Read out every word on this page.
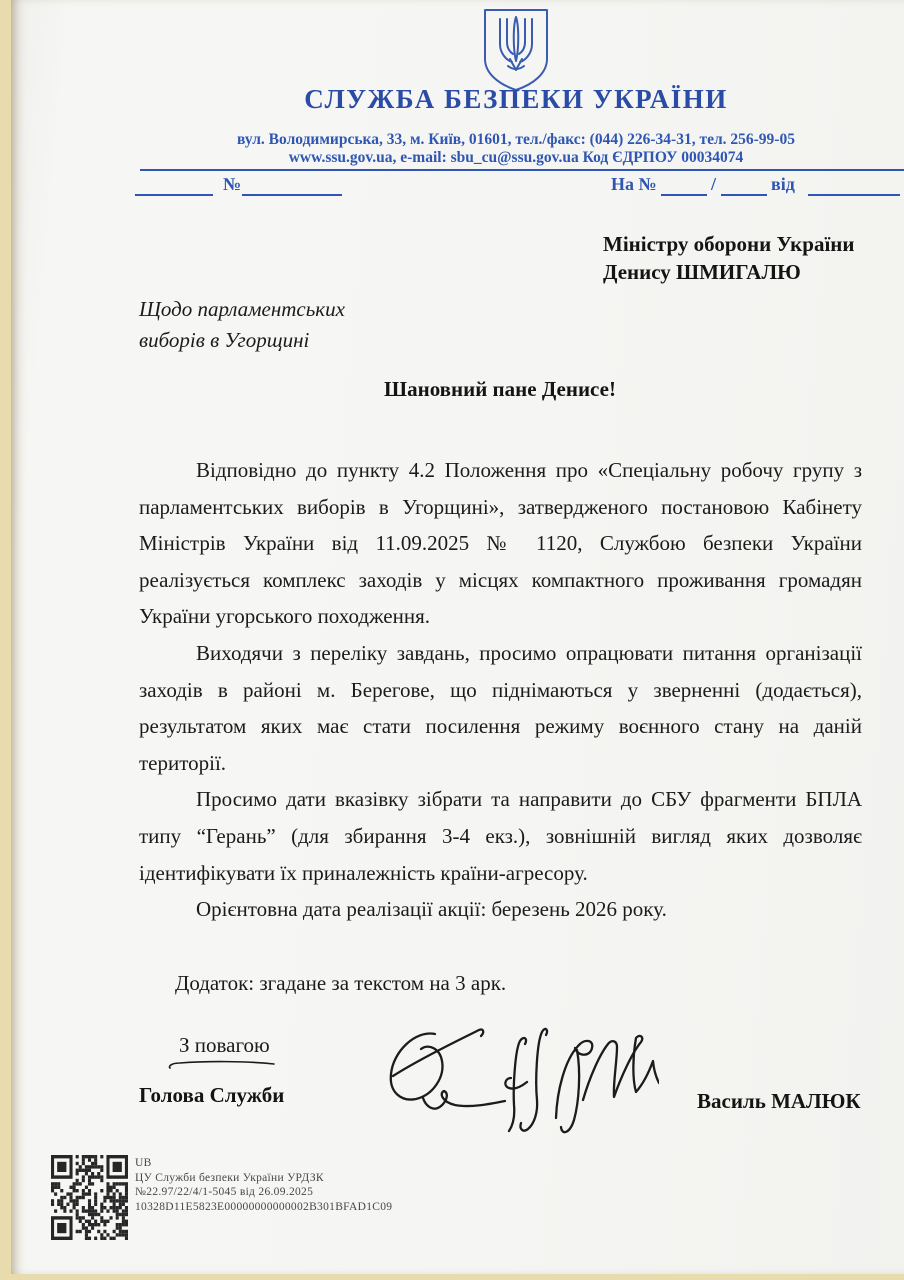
СЛУЖБА БЕЗПЕКИ УКРАЇНИ
вул. Володимирська, 33, м. Київ, 01601, тел./факс: (044) 226-34-31, тел. 256-99-05
www.ssu.gov.ua, e-mail: sbu_cu@ssu.gov.ua Код ЄДРПОУ 00034074
№	На №	/	від
Міністру оборони України
Денису ШМИГАЛЮ
Щодо парламентських
виборів в Угорщині
Шановний пане Денисе!

Відповідно до пункту 4.2 Положення про «Спеціальну робочу групу з парламентських виборів в Угорщині», затвердженого постановою Кабінету Міністрів України від 11.09.2025 № 1120, Службою безпеки України реалізується комплекс заходів у місцях компактного проживання громадян України угорського походження.

Виходячи з переліку завдань, просимо опрацювати питання організації заходів в районі м. Берегове, що піднімаються у зверненні (додається), результатом яких має стати посилення режиму воєнного стану на даній території.

Просимо дати вказівку зібрати та направити до СБУ фрагменти БПЛА типу “Герань” (для збирання 3-4 екз.), зовнішній вигляд яких дозволяє ідентифікувати їх приналежність країни-агресору.

Орієнтовна дата реалізації акції: березень 2026 року.

Додаток: згадане за текстом на 3 арк.
З повагою
Голова Служби	Василь МАЛЮК
UB
ЦУ Служби безпеки України УРДЗК
№22.97/22/4/1-5045 від 26.09.2025
10328D11E5823E00000000000002B301BFAD1C09
